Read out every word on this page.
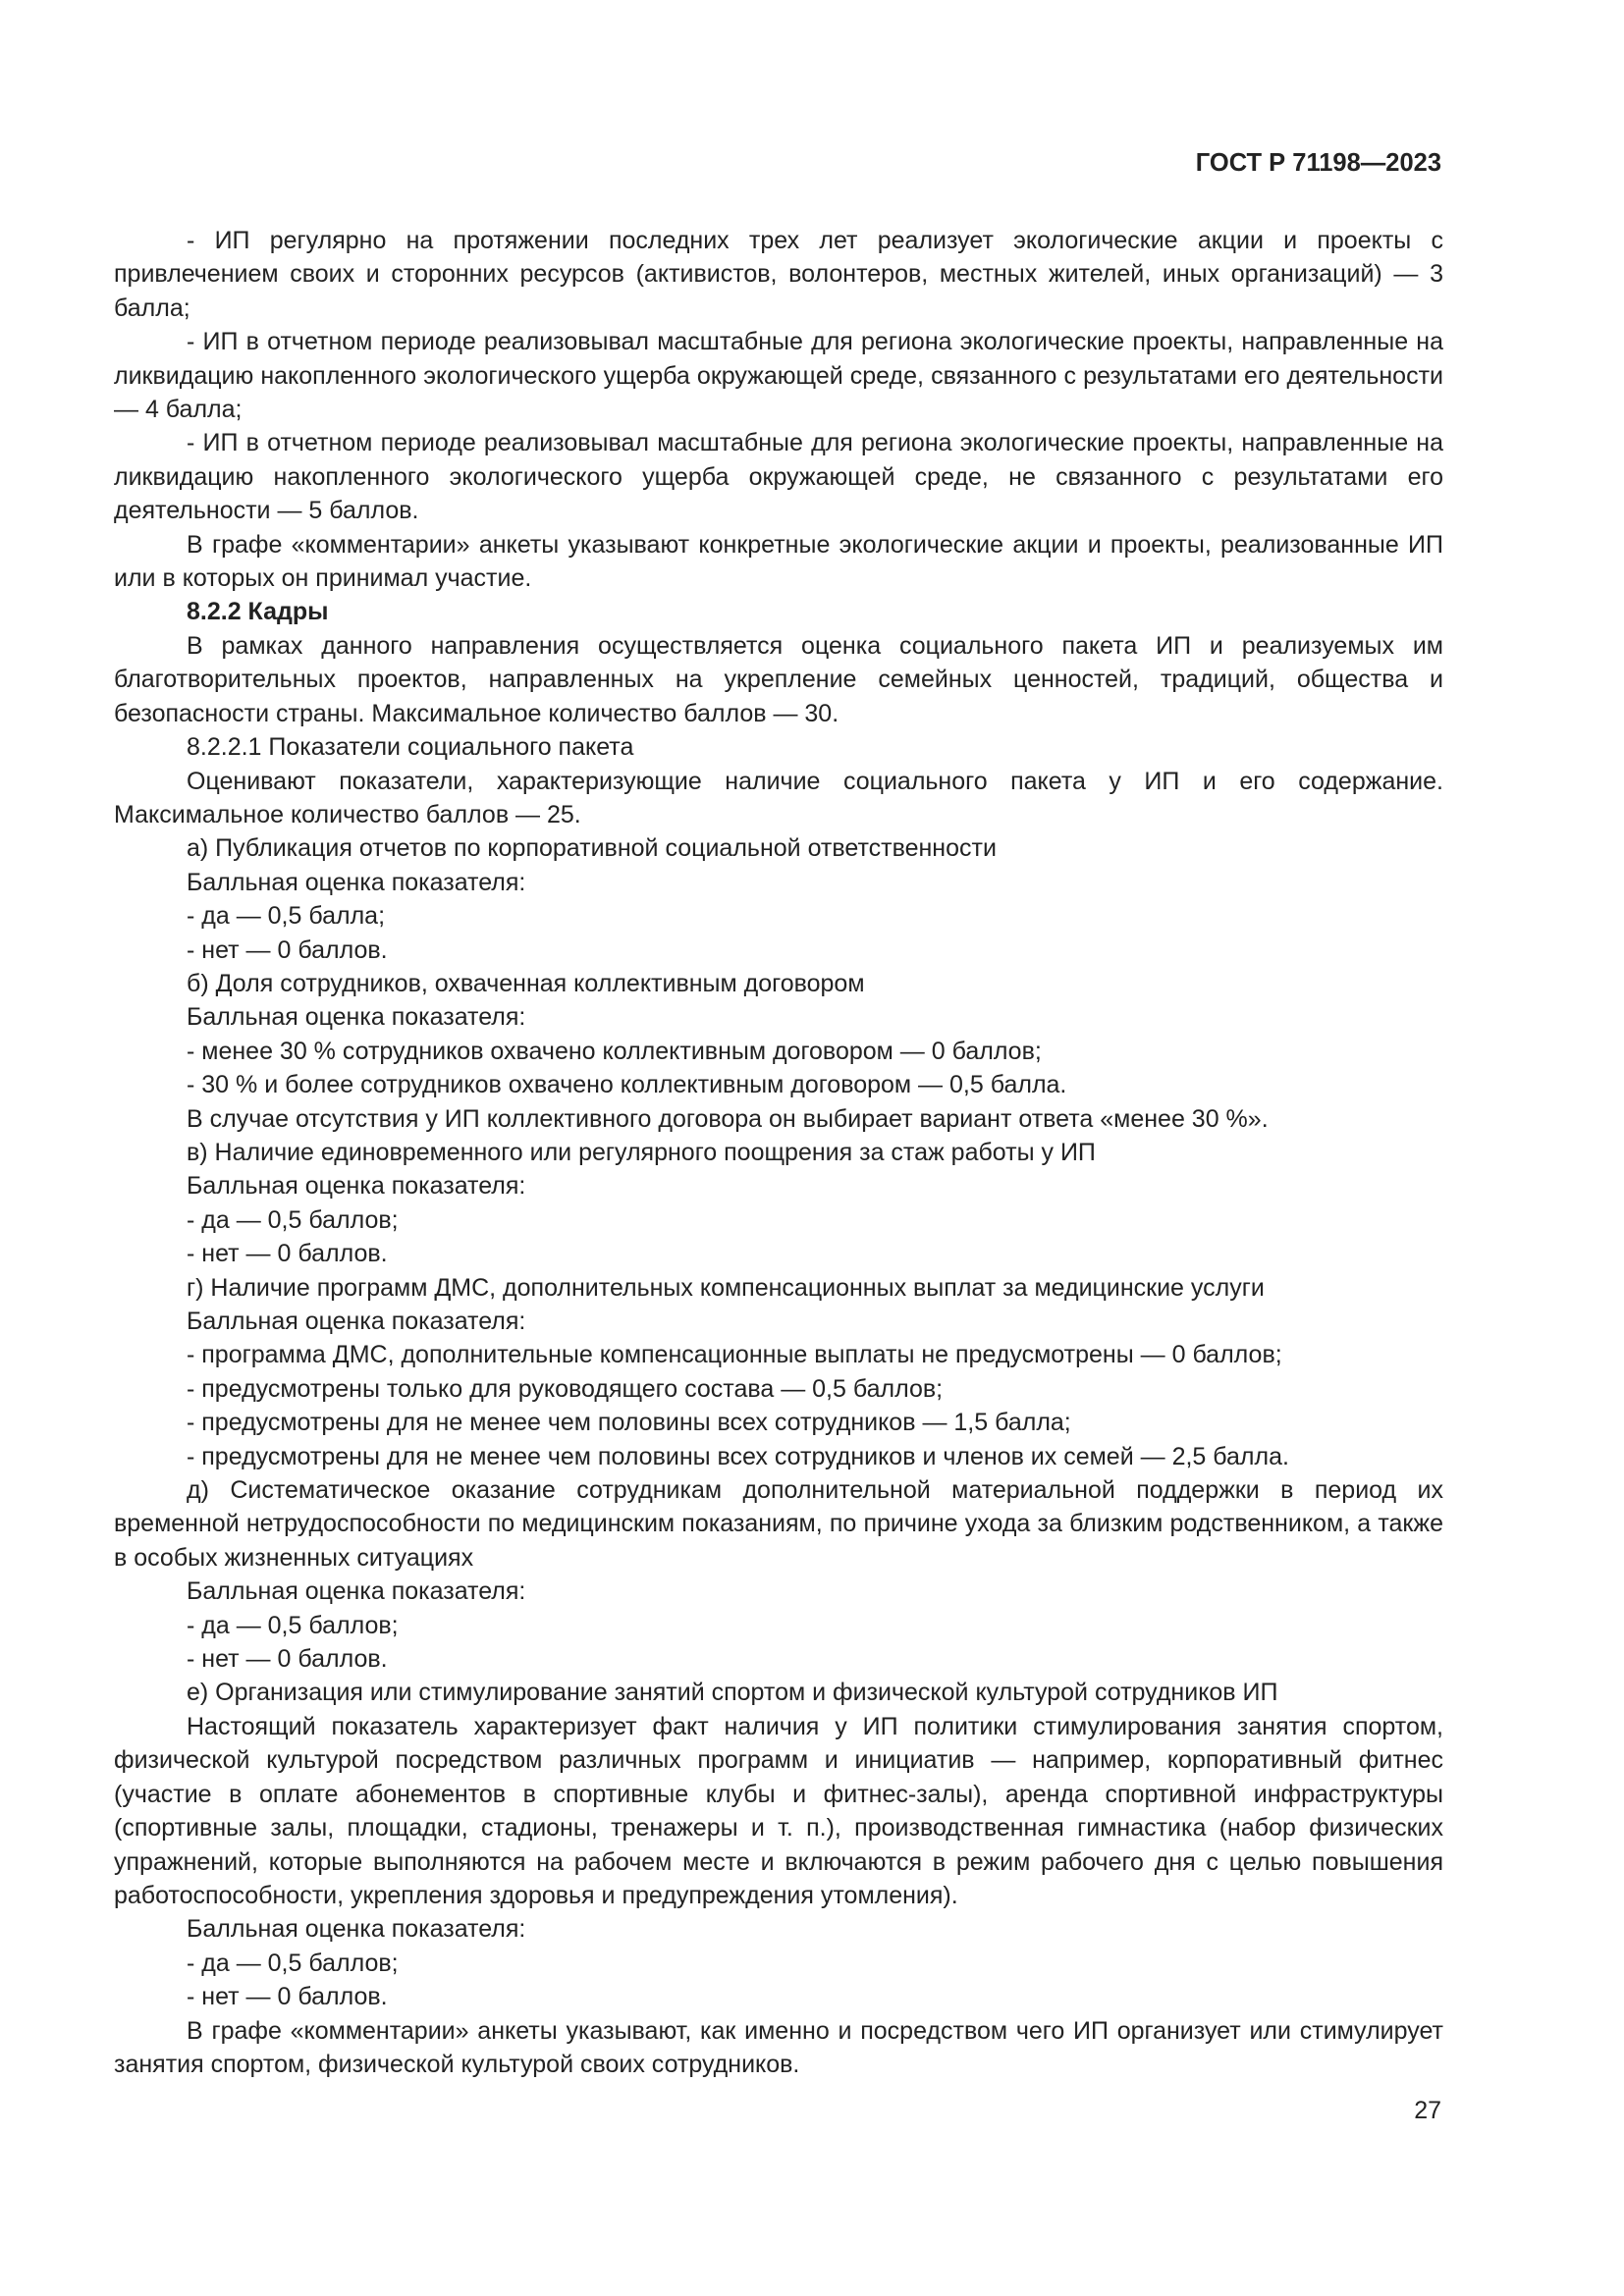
ГОСТ Р 71198—2023

- ИП регулярно на протяжении последних трех лет реализует экологические акции и проекты с привлечением своих и сторонних ресурсов (активистов, волонтеров, местных жителей, иных организаций) — 3 балла;

- ИП в отчетном периоде реализовывал масштабные для региона экологические проекты, направленные на ликвидацию накопленного экологического ущерба окружающей среде, связанного с результатами его деятельности — 4 балла;

- ИП в отчетном периоде реализовывал масштабные для региона экологические проекты, направленные на ликвидацию накопленного экологического ущерба окружающей среде, не связанного с результатами его деятельности — 5 баллов.

В графе «комментарии» анкеты указывают конкретные экологические акции и проекты, реализованные ИП или в которых он принимал участие.

8.2.2 Кадры

В рамках данного направления осуществляется оценка социального пакета ИП и реализуемых им благотворительных проектов, направленных на укрепление семейных ценностей, традиций, общества и безопасности страны. Максимальное количество баллов — 30.

8.2.2.1 Показатели социального пакета

Оценивают показатели, характеризующие наличие социального пакета у ИП и его содержание. Максимальное количество баллов — 25.

а) Публикация отчетов по корпоративной социальной ответственности

Балльная оценка показателя:

- да — 0,5 балла;

- нет — 0 баллов.

б) Доля сотрудников, охваченная коллективным договором

Балльная оценка показателя:

- менее 30 % сотрудников охвачено коллективным договором — 0 баллов;

- 30 % и более сотрудников охвачено коллективным договором — 0,5 балла.

В случае отсутствия у ИП коллективного договора он выбирает вариант ответа «менее 30 %».

в) Наличие единовременного или регулярного поощрения за стаж работы у ИП

Балльная оценка показателя:

- да — 0,5 баллов;

- нет — 0 баллов.

г) Наличие программ ДМС, дополнительных компенсационных выплат за медицинские услуги

Балльная оценка показателя:

- программа ДМС, дополнительные компенсационные выплаты не предусмотрены — 0 баллов;

- предусмотрены только для руководящего состава — 0,5 баллов;

- предусмотрены для не менее чем половины всех сотрудников — 1,5 балла;

- предусмотрены для не менее чем половины всех сотрудников и членов их семей — 2,5 балла.

д) Систематическое оказание сотрудникам дополнительной материальной поддержки в период их временной нетрудоспособности по медицинским показаниям, по причине ухода за близким родственником, а также в особых жизненных ситуациях

Балльная оценка показателя:

- да — 0,5 баллов;

- нет — 0 баллов.

е) Организация или стимулирование занятий спортом и физической культурой сотрудников ИП

Настоящий показатель характеризует факт наличия у ИП политики стимулирования занятия спортом, физической культурой посредством различных программ и инициатив — например, корпоративный фитнес (участие в оплате абонементов в спортивные клубы и фитнес-залы), аренда спортивной инфраструктуры (спортивные залы, площадки, стадионы, тренажеры и т. п.), производственная гимнастика (набор физических упражнений, которые выполняются на рабочем месте и включаются в режим рабочего дня с целью повышения работоспособности, укрепления здоровья и предупреждения утомления).

Балльная оценка показателя:

- да — 0,5 баллов;

- нет — 0 баллов.

В графе «комментарии» анкеты указывают, как именно и посредством чего ИП организует или стимулирует занятия спортом, физической культурой своих сотрудников.

27
